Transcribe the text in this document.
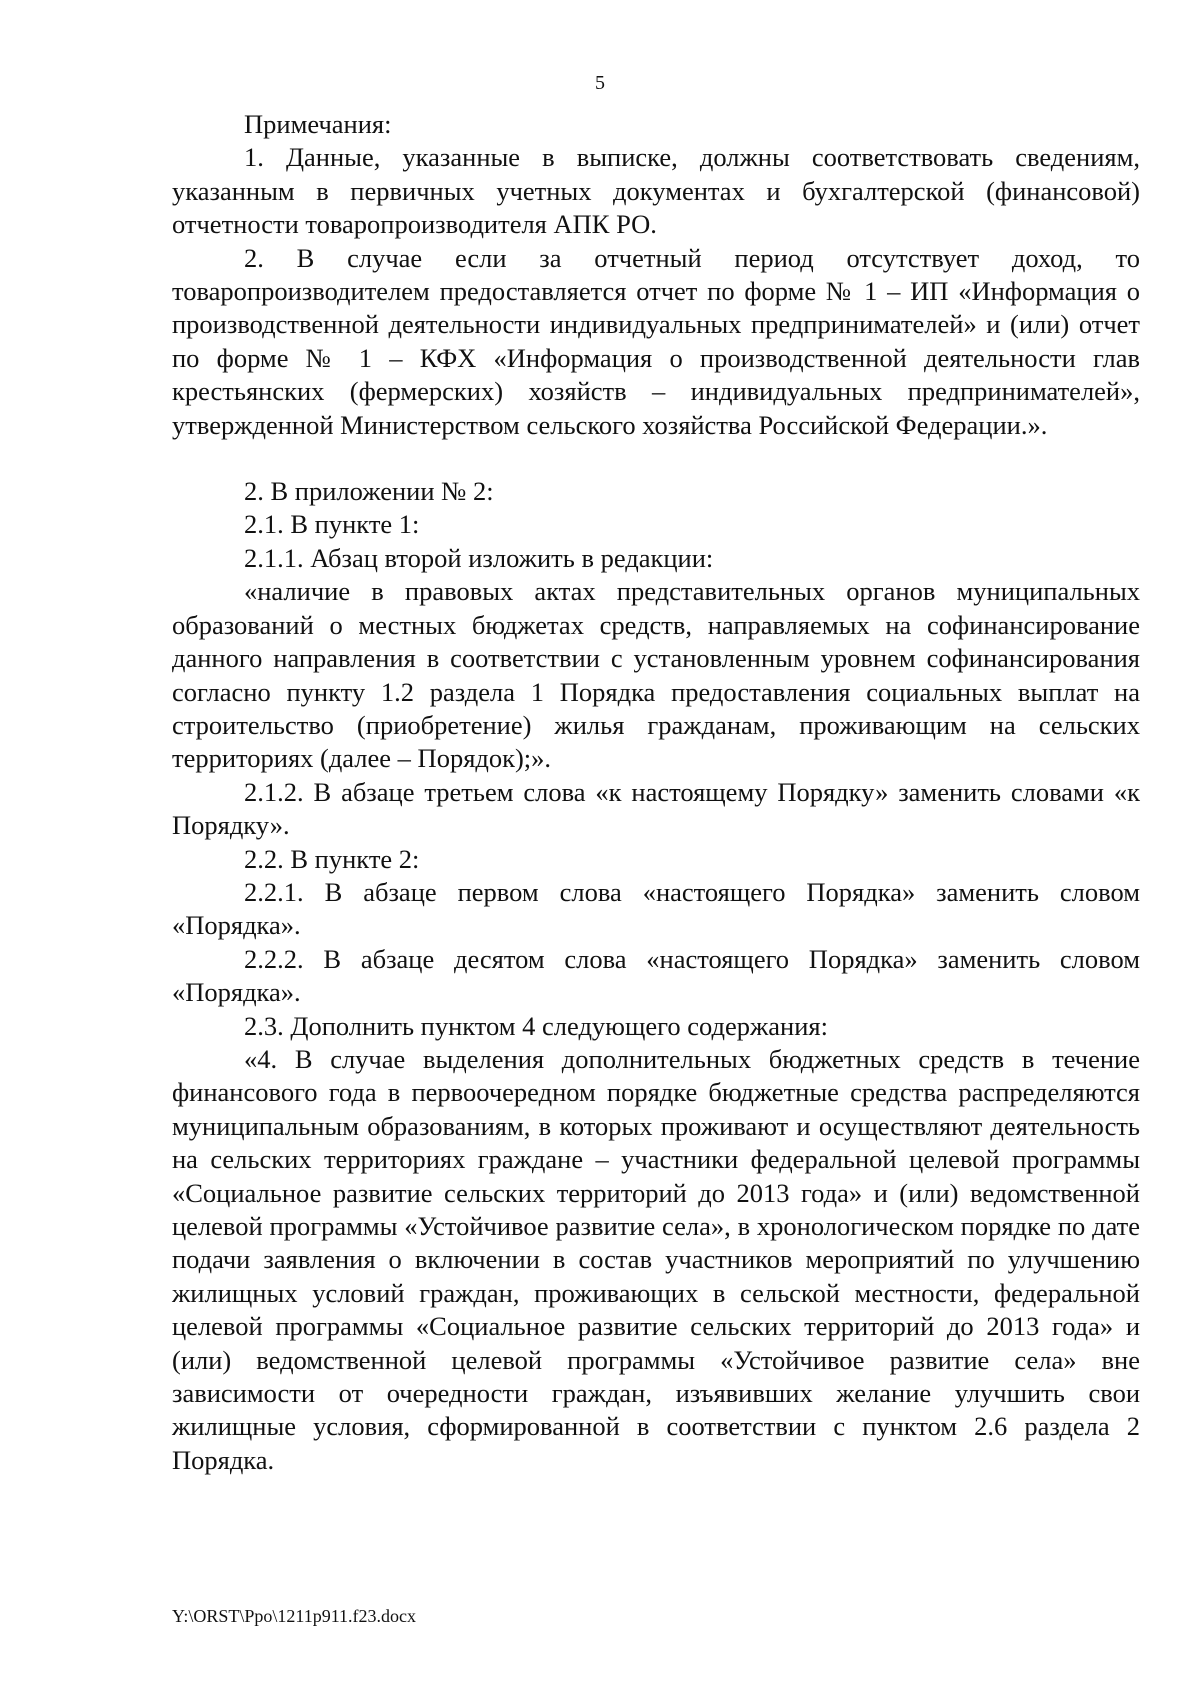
5

Примечания:

1. Данные, указанные в выписке, должны соответствовать сведениям, указанным в первичных учетных документах и бухгалтерской (финансовой) отчетности товаропроизводителя АПК РО.

2. В случае если за отчетный период отсутствует доход, то товаропроизводителем предоставляется отчет по форме № 1 – ИП «Информация о производственной деятельности индивидуальных предпринимателей» и (или) отчет по форме № 1 – КФХ «Информация о производственной деятельности глав крестьянских (фермерских) хозяйств – индивидуальных предпринимателей», утвержденной Министерством сельского хозяйства Российской Федерации.».

2. В приложении № 2:

2.1. В пункте 1:

2.1.1. Абзац второй изложить в редакции:

«наличие в правовых актах представительных органов муниципальных образований о местных бюджетах средств, направляемых на софинансирование данного направления в соответствии с установленным уровнем софинансирования согласно пункту 1.2 раздела 1 Порядка предоставления социальных выплат на строительство (приобретение) жилья гражданам, проживающим на сельских территориях (далее – Порядок);».

2.1.2. В абзаце третьем слова «к настоящему Порядку» заменить словами «к Порядку».

2.2. В пункте 2:

2.2.1. В абзаце первом слова «настоящего Порядка» заменить словом «Порядка».

2.2.2. В абзаце десятом слова «настоящего Порядка» заменить словом «Порядка».

2.3. Дополнить пунктом 4 следующего содержания:

«4. В случае выделения дополнительных бюджетных средств в течение финансового года в первоочередном порядке бюджетные средства распределяются муниципальным образованиям, в которых проживают и осуществляют деятельность на сельских территориях граждане – участники федеральной целевой программы «Социальное развитие сельских территорий до 2013 года» и (или) ведомственной целевой программы «Устойчивое развитие села», в хронологическом порядке по дате подачи заявления о включении в состав участников мероприятий по улучшению жилищных условий граждан, проживающих в сельской местности, федеральной целевой программы «Социальное развитие сельских территорий до 2013 года» и (или) ведомственной целевой программы «Устойчивое развитие села» вне зависимости от очередности граждан, изъявивших желание улучшить свои жилищные условия, сформированной в соответствии с пунктом 2.6 раздела 2 Порядка.

Y:\ORST\Ppo\1211p911.f23.docx
